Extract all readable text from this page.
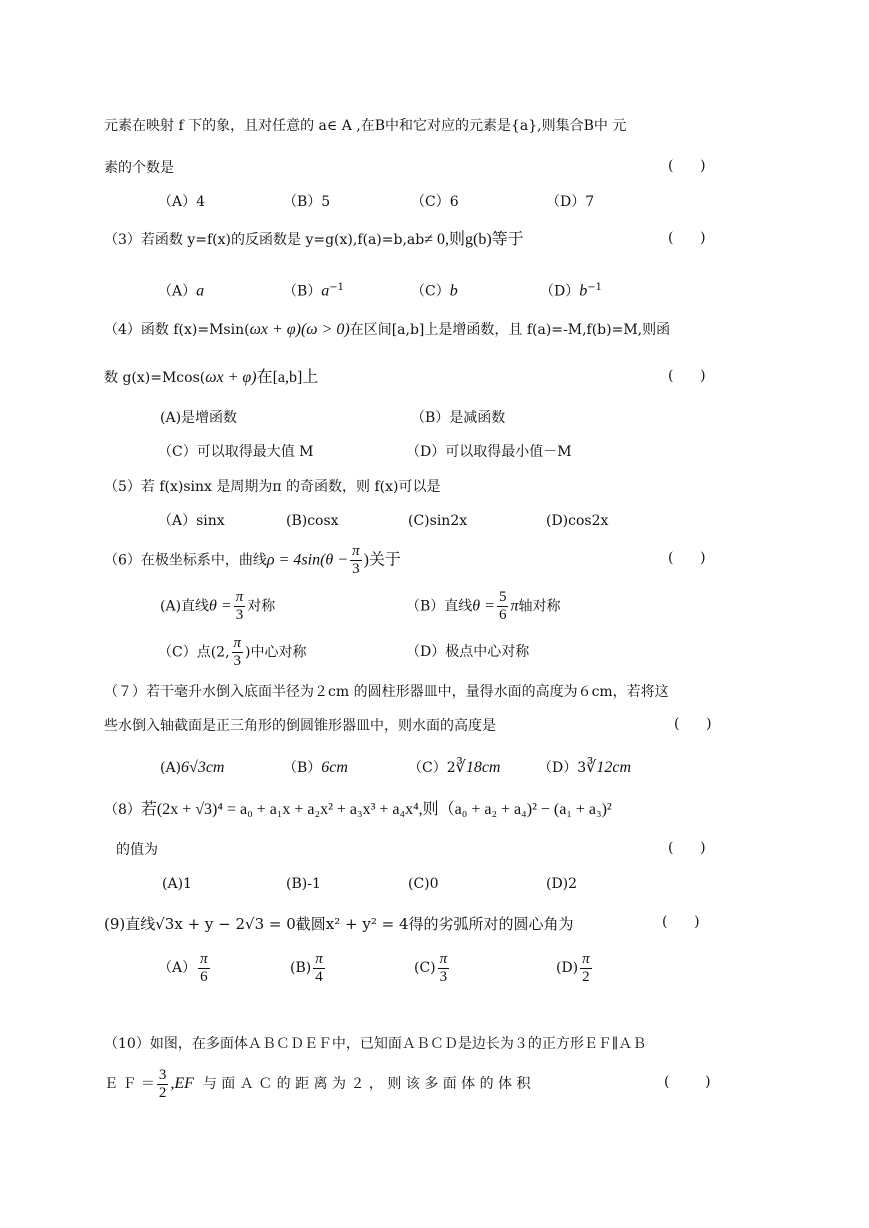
元素在映射 f 下的象，且对任意的 a∈ A ,在B中和它对应的元素是{a},则集合B中 元
素的个数是	(      )
（A）4	（B）5	（C）6	（D）7
（3）若函数 y=f(x)的反函数是 y=g(x),f(a)=b,ab≠ 0,则g(b)等于	(      )
（A）a	$(B)a^{-1}$	（C）b	$(D)b^{-1}$
（4）函数 f(x)=Msin(ωx + φ)(ω > 0)在区间[a,b]上是增函数，且 f(a)=-M,f(b)=M,则函
数 g(x)=Mcos(ωx + φ)在[a,b]上	(      )
(A)是增函数	（B）是减函数
（C）可以取得最大值 M	（D）可以取得最小值－M
（5）若 f(x)sinx 是周期为π 的奇函数，则 f(x)可以是
（A）sinx	(B)cosx	(C)sin2x	(D)cos2x
（6）在极坐标系中，曲线$\rho = 4\sin(\theta - \frac{\pi}{3}$ )关于	(      )
(A)直线$\theta = \frac{\pi}{3}$ 对称	（B）直线$\theta = \frac{5}{6}$ π轴对称
（C）点(2, $\frac{\pi}{3}$ )中心对称	（D）极点中心对称
（７）若干毫升水倒入底面半径为２cm 的圆柱形器皿中，量得水面的高度为６cm，若将这
些水倒入轴截面是正三角形的倒圆锥形器皿中，则水面的高度是	(      )
(A)6√3cm	（B）6cm	（C）2∛18cm	（D）3∛12cm
（8）若(2x + √3)⁴ = a₀ + a₁x + a₂x² + a₃x³ + a₄x⁴,则（a₀ + a₂ + a₄)² − (a₁ + a₃)²
的值为	(      )
(A)1	(B)-1	(C)0	(D)2
(9)直线√3x + y − 2√3 = 0截圆x² + y² = 4得的劣弧所对的圆心角为	(      )
$(A) \frac{\pi}{6}$	$(B) \frac{\pi}{4}$	$(C) \frac{\pi}{3}$	$(D) \frac{\pi}{2}$
（10）如图，在多面体ＡＢＣＤＥＦ中，已知面ＡＢＣＤ是边长为３的正方形ＥＦ∥ＡＢ
Ｅ Ｆ ＝ $\frac{3}{2} ,EF$ 与 面 Ａ Ｃ 的 距 离 为 ２ ， 则 该 多 面 体 的 体 积	(        )
